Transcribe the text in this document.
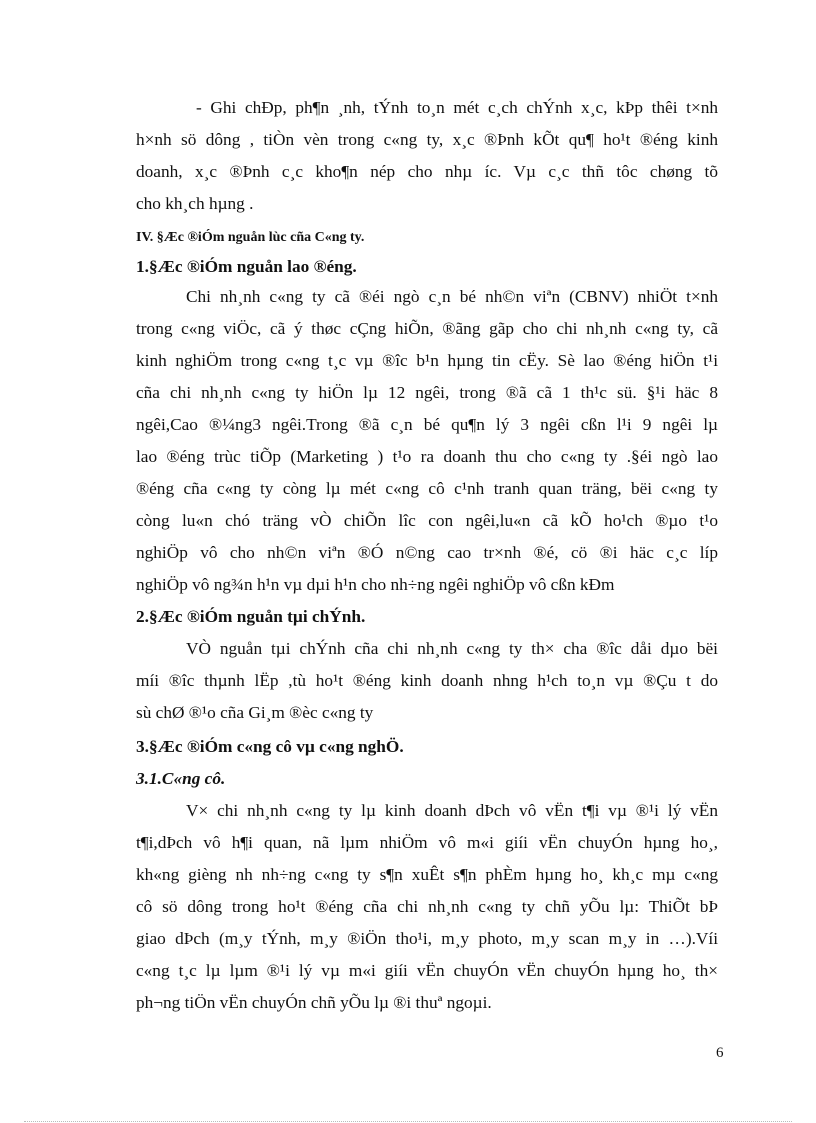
- Ghi chÐp, ph¶n ¸nh, tÝnh to¸n mét c¸ch chÝnh x¸c, kÞp thêi t×nh
h×nh sö dông , tiÒn vèn trong c«ng ty, x¸c ®Þnh kÕt qu¶ ho¹t ®éng kinh
doanh, x¸c ®Þnh c¸c kho¶n nép cho nhµ íc. Vµ c¸c thñ tôc chøng tõ
cho kh¸ch hµng .
IV. §Æc ®iÓm nguån lùc cña C«ng ty.
1.§Æc ®iÓm nguån lao ®éng.
Chi nh¸nh c«ng ty cã ®éi ngò c¸n bé nh©n viªn (CBNV) nhiÖt t×nh
trong c«ng viÖc, cã ý thøc cÇng hiÕn, ®ãng gãp cho chi nh¸nh c«ng ty, cã
kinh nghiÖm trong c«ng t¸c vµ ®îc b¹n hµng tin cËy. Sè lao ®éng hiÖn t¹i
cña chi nh¸nh c«ng ty hiÖn lµ 12 ngêi, trong ®ã cã 1 th¹c sü. §¹i häc 8
ngêi,Cao ®¼ng3 ngêi.Trong ®ã c¸n bé qu¶n lý 3 ngêi cßn l¹i 9 ngêi lµ
lao ®éng trùc tiÕp (Marketing ) t¹o ra doanh thu cho c«ng ty .§éi ngò lao
®éng cña c«ng ty còng lµ mét c«ng cô c¹nh tranh quan träng, bëi c«ng ty
còng lu«n chó träng vÒ chiÕn lîc con ngêi,lu«n cã kÕ ho¹ch ®µo t¹o
nghiÖp vô cho nh©n viªn ®Ó n©ng cao tr×nh ®é, cö ®i häc c¸c líp
nghiÖp vô ng¾n h¹n vµ dµi h¹n cho nh÷ng ngêi nghiÖp vô cßn kÐm
2.§Æc ®iÓm nguån tµi chÝnh.
VÒ nguån tµi chÝnh cña chi nh¸nh c«ng ty th× cha ®îc dåi dµo bëi
míi ®îc thµnh lËp ,tù ho¹t ®éng kinh doanh nhng h¹ch to¸n vµ ®Çu t do
sù chØ ®¹o cña Gi¸m ®èc c«ng ty
3.§Æc ®iÓm c«ng cô vµ c«ng nghÖ.
3.1.C«ng cô.
V× chi nh¸nh c«ng ty lµ kinh doanh dÞch vô vËn t¶i vµ ®¹i lý vËn
t¶i,dÞch vô h¶i quan, nã lµm nhiÖm vô m«i giíi vËn chuyÓn hµng ho¸,
kh«ng gièng nh nh÷ng c«ng ty s¶n xuÊt s¶n phÈm hµng ho¸ kh¸c mµ c«ng
cô sö dông trong ho¹t ®éng cña chi nh¸nh c«ng ty chñ yÕu lµ: ThiÕt bÞ
giao dÞch (m¸y tÝnh, m¸y ®iÖn tho¹i, m¸y photo, m¸y scan m¸y in …).Víi
c«ng t¸c lµ lµm ®¹i lý vµ m«i giíi vËn chuyÓn vËn chuyÓn hµng ho¸ th×
ph¬ng tiÖn vËn chuyÓn chñ yÕu lµ ®i thuª ngoµi.
6
